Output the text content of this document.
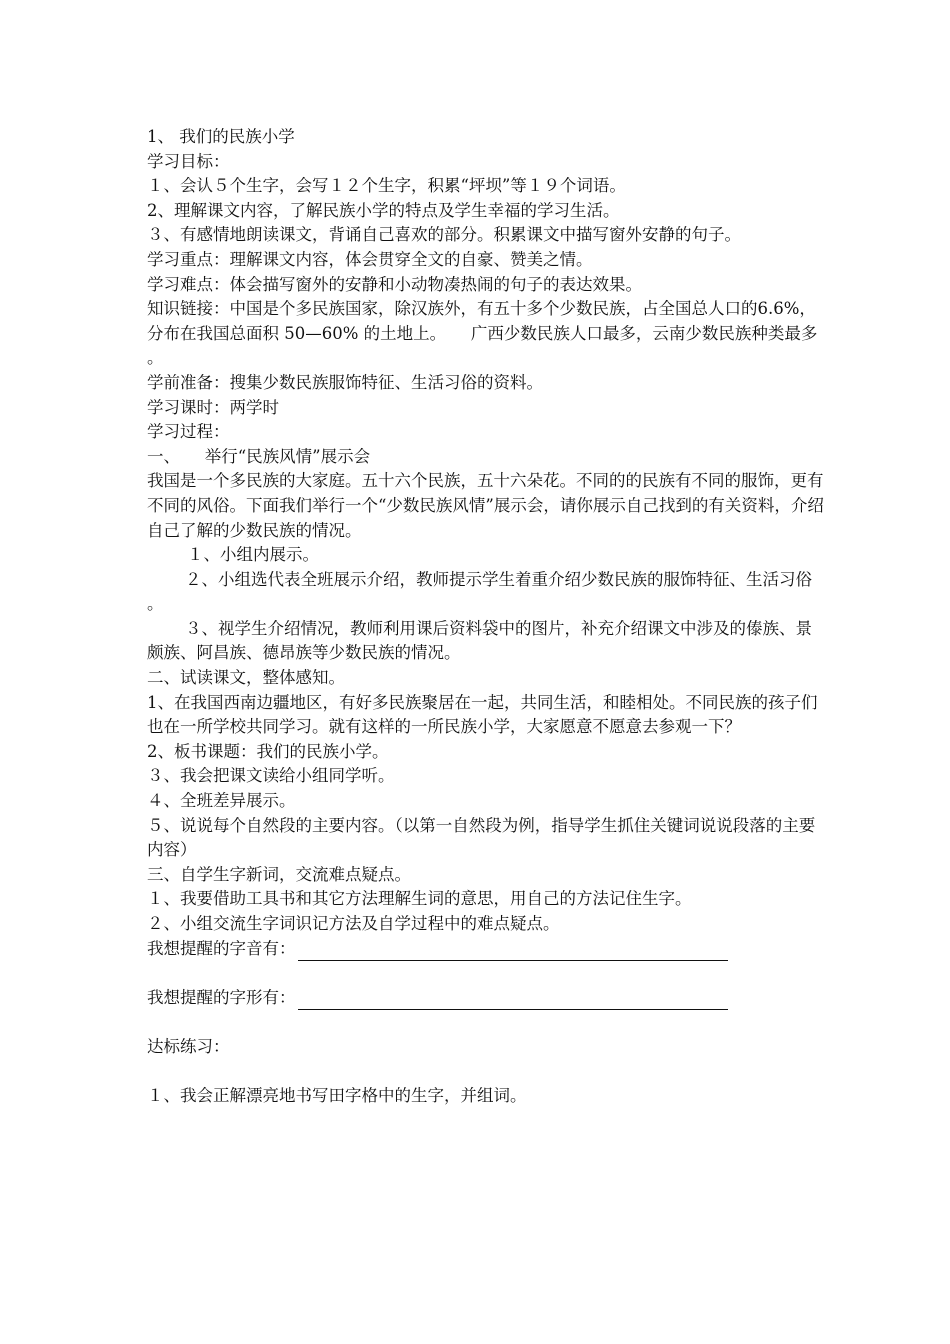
1、 我们的民族小学
学习目标：
１、会认５个生字，会写１２个生字，积累“坪坝”等１９个词语。
2、理解课文内容，了解民族小学的特点及学生幸福的学习生活。
３、有感情地朗读课文，背诵自己喜欢的部分。积累课文中描写窗外安静的句子。
学习重点：理解课文内容，体会贯穿全文的自豪、赞美之情。
学习难点：体会描写窗外的安静和小动物凑热闹的句子的表达效果。
知识链接：中国是个多民族国家，除汉族外，有五十多个少数民族，占全国总人口的6.6%，分布在我国总面积 50—60% 的土地上。　　广西少数民族人口最多，云南少数民族种类最多。
学前准备：搜集少数民族服饰特征、生活习俗的资料。
学习课时：两学时
学习过程：
一、　　举行“民族风情”展示会
我国是一个多民族的大家庭。五十六个民族，五十六朵花。不同的的民族有不同的服饰，更有不同的风俗。下面我们举行一个“少数民族风情”展示会，请你展示自己找到的有关资料，介绍自己了解的少数民族的情况。
１、小组内展示。
２、小组选代表全班展示介绍，教师提示学生着重介绍少数民族的服饰特征、生活习俗。
３、视学生介绍情况，教师利用课后资料袋中的图片，补充介绍课文中涉及的傣族、景颇族、阿昌族、德昂族等少数民族的情况。
二、试读课文，整体感知。
1、在我国西南边疆地区，有好多民族聚居在一起，共同生活，和睦相处。不同民族的孩子们也在一所学校共同学习。就有这样的一所民族小学，大家愿意不愿意去参观一下？
2、板书课题：我们的民族小学。
３、我会把课文读给小组同学听。
４、全班差异展示。
５、说说每个自然段的主要内容。（以第一自然段为例，指导学生抓住关键词说说段落的主要内容）
三、自学生字新词，交流难点疑点。
１、我要借助工具书和其它方法理解生词的意思，用自己的方法记住生字。
２、小组交流生字词识记方法及自学过程中的难点疑点。
我想提醒的字音有：
我想提醒的字形有：
达标练习：
１、我会正解漂亮地书写田字格中的生字，并组词。
